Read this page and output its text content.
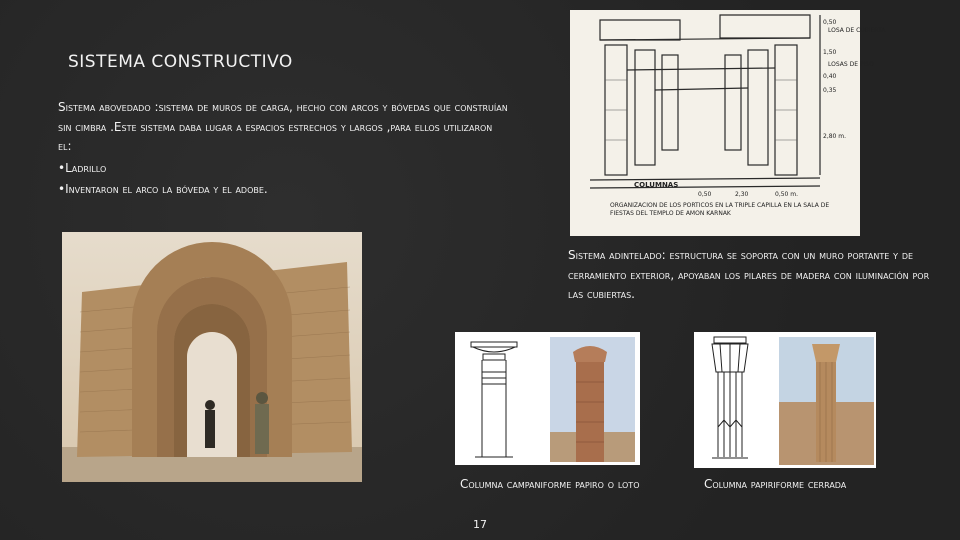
SISTEMA CONSTRUCTIVO

Sistema abovedado :sistema de muros de carga, hecho con arcos y bóvedas que construían sin cimbra .Este sistema daba lugar a espacios estrechos y largos ,para ellos utilizaron el:

•Ladrillo

•Inventaron el arco la bóveda y el adobe.

0,50
1,50
0,40
0,35
2,80 m.
LOSA DE CUBIERTA
LOSAS DE PISO
0,50	2,30	0,50 m.
COLUMNAS
ORGANIZACION DE LOS PORTICOS EN LA TRIPLE CAPILLA EN LA SALA DE FIESTAS DEL TEMPLO DE AMON KARNAK
Sistema adintelado: estructura se soporta con un muro portante y de cerramiento exterior, apoyaban los pilares de madera con iluminación por las cubiertas.
Columna campaniforme papiro o loto	Columna papiriforme cerrada
17
